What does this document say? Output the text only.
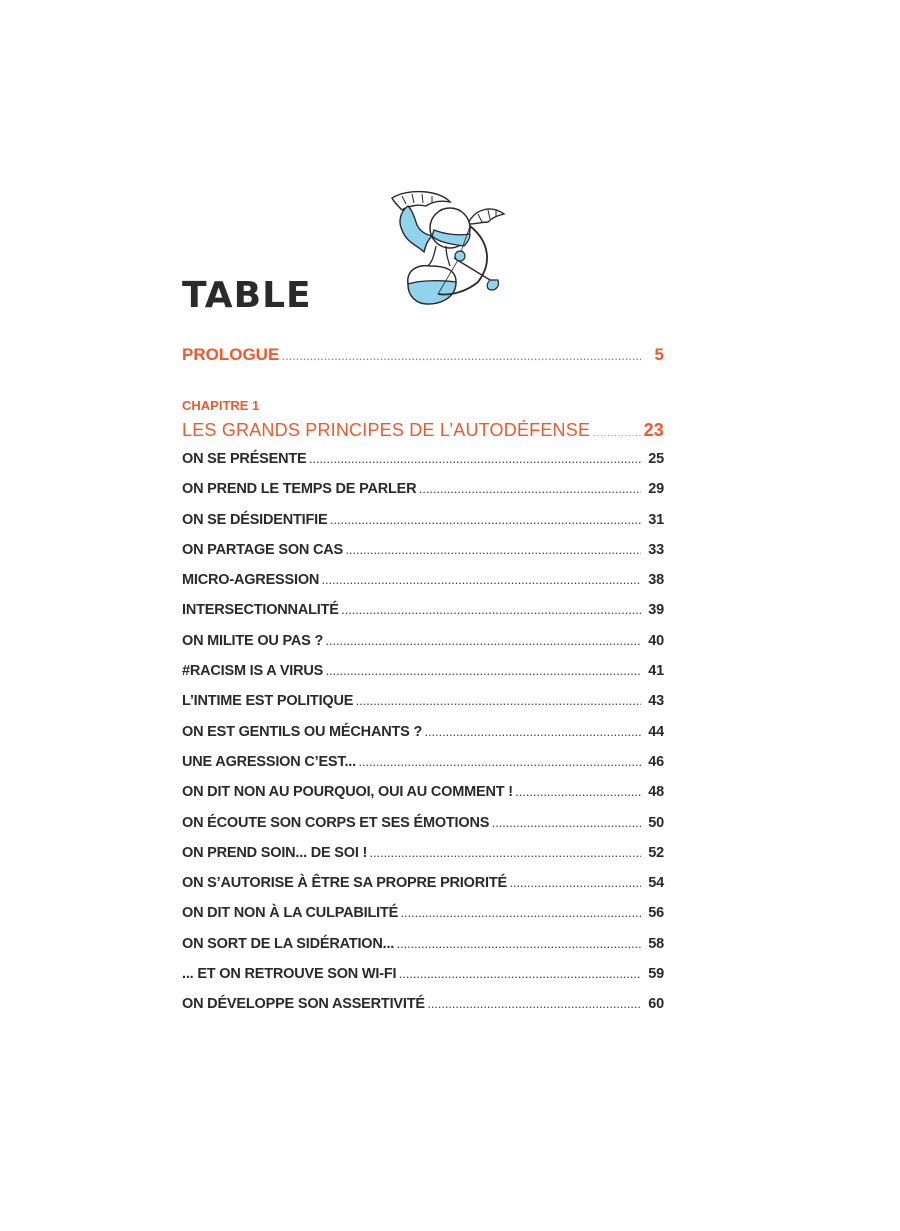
TABLE
PROLOGUE .....	5
CHAPITRE 1
LES GRANDS PRINCIPES DE L’AUTODÉFENSE .....	23
ON SE PRÉSENTE .....	25
ON PREND LE TEMPS DE PARLER .....	29
ON SE DÉSIDENTIFIE .....	31
ON PARTAGE SON CAS .....	33
MICRO-AGRESSION .....	38
INTERSECTIONNALITÉ .....	39
ON MILITE OU PAS ? .....	40
#RACISM IS A VIRUS .....	41
L’INTIME EST POLITIQUE .....	43
ON EST GENTILS OU MÉCHANTS ? .....	44
UNE AGRESSION C’EST... .....	46
ON DIT NON AU POURQUOI, OUI AU COMMENT ! .....	48
ON ÉCOUTE SON CORPS ET SES ÉMOTIONS .....	50
ON PREND SOIN... DE SOI ! .....	52
ON S’AUTORISE À ÊTRE SA PROPRE PRIORITÉ .....	54
ON DIT NON À LA CULPABILITÉ .....	56
ON SORT DE LA SIDÉRATION... .....	58
... ET ON RETROUVE SON WI-FI .....	59
ON DÉVELOPPE SON ASSERTIVITÉ .....	60
